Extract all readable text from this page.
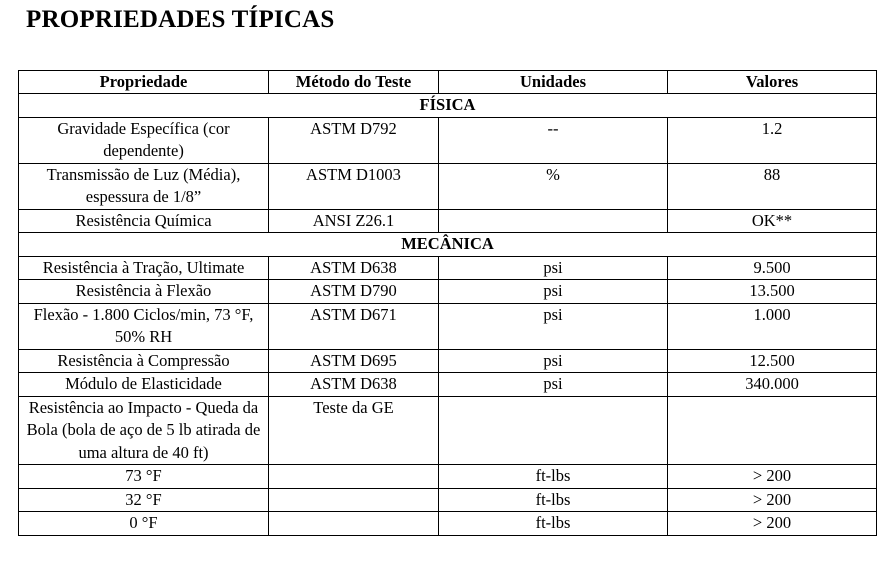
PROPRIEDADES TÍPICAS
Propriedade	Método do Teste	Unidades	Valores
FÍSICA			
Gravidade Específica (cor dependente)	ASTM D792	--	1.2
Transmissão de Luz (Média), espessura de 1/8”	ASTM D1003	%	88
Resistência Química	ANSI Z26.1		OK**
MECÂNICA			
Resistência à Tração, Ultimate	ASTM D638	psi	9.500
Resistência à Flexão	ASTM D790	psi	13.500
Flexão - 1.800 Ciclos/min, 73 °F, 50% RH	ASTM D671	psi	1.000
Resistência à Compressão	ASTM D695	psi	12.500
Módulo de Elasticidade	ASTM D638	psi	340.000
Resistência ao Impacto - Queda da Bola (bola de aço de 5 lb atirada de uma altura de 40 ft)	Teste da GE		
73 °F		ft-lbs	> 200
32 °F		ft-lbs	> 200
0 °F		ft-lbs	> 200
